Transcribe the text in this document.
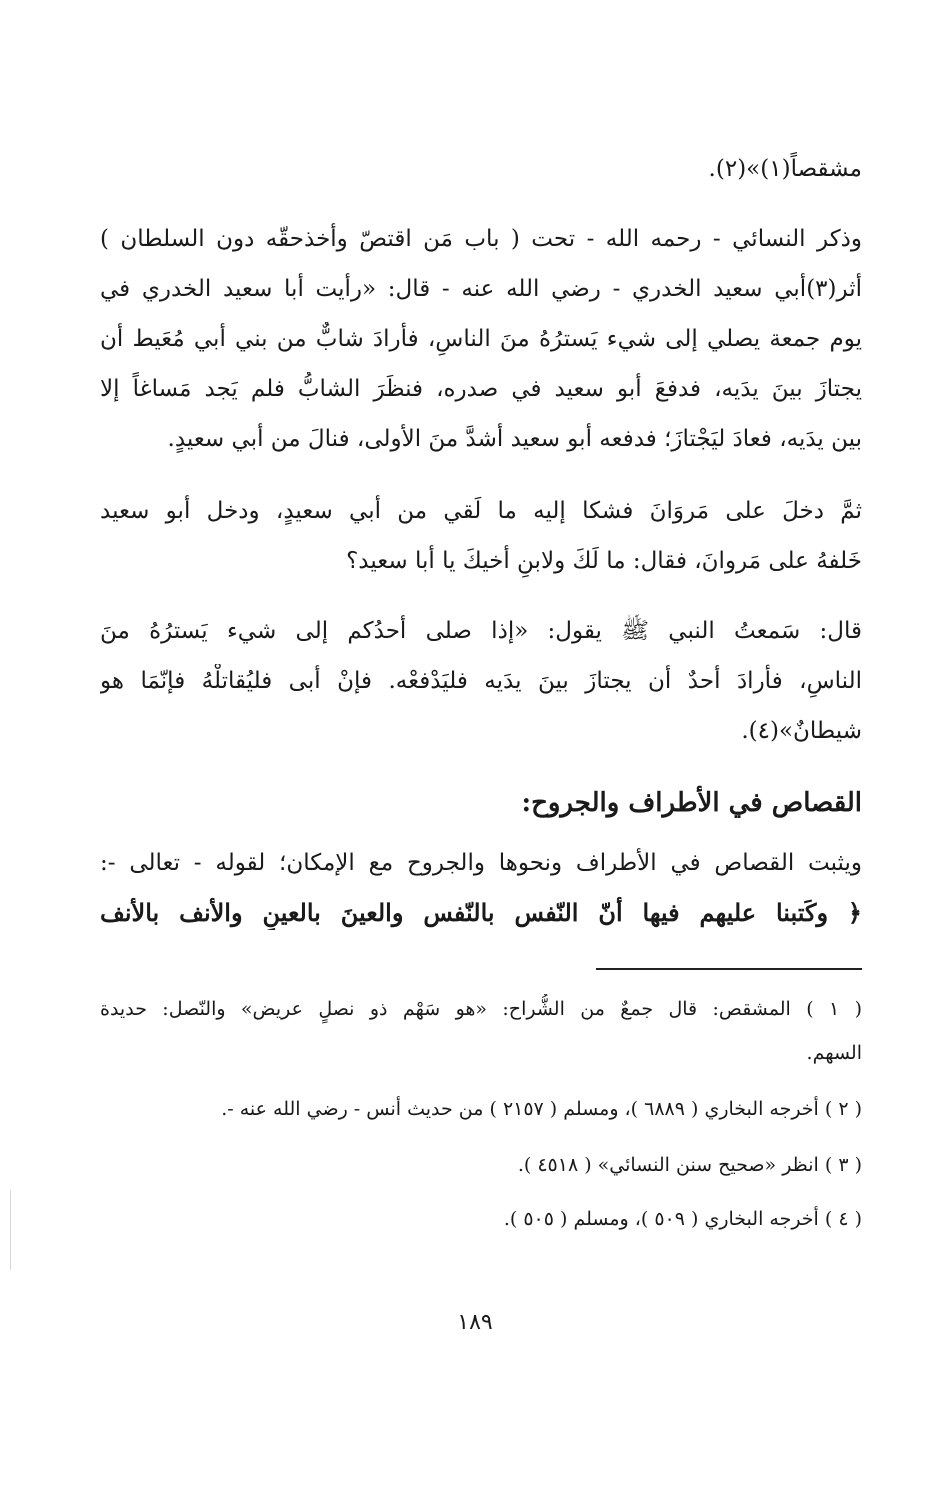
مشقصاً(١)»(٢).
وذكر النسائي - رحمه الله - تحت ( باب مَن اقتصّ وأخذحقّه دون السلطان )
أثر(٣)أبي سعيد الخدري - رضي الله عنه - قال: «رأيت أبا سعيد الخدري في
يوم جمعة يصلي إلى شيء يَسترُهُ منَ الناسِ، فأرادَ شابٌّ من بني أبي مُعَيط أن
يجتازَ بينَ يدَيه، فدفعَ أبو سعيد في صدره، فنظَرَ الشابُّ فلم يَجد مَساغاً إلا
بين يدَيه، فعادَ ليَجْتازَ؛ فدفعه أبو سعيد أشدَّ منَ الأولى، فنالَ من أبي سعيدٍ.
ثمَّ دخلَ على مَروَانَ فشكا إليه ما لَقي من أبي سعيدٍ، ودخل أبو سعيد
خَلفهُ على مَروانَ، فقال: ما لَكَ ولابنِ أخيكَ يا أبا سعيد؟
قال: سَمعتُ النبي ﷺ يقول: «إذا صلى أحدُكم إلى شيء يَسترُهُ منَ
الناسِ، فأرادَ أحدٌ أن يجتازَ بينَ يدَيه فليَدْفعْه. فإنْ أبى فليُقاتلْهُ فإنّمَا هو
شيطانٌ»(٤).
القصاص في الأطراف والجروح:
ويثبت القصاص في الأطراف ونحوها والجروح مع الإمكان؛ لقوله - تعالى -:
﴿ وكَتبنا عليهم فيها أنّ النّفس بالنّفس والعينَ بالعينِ والأنف بالأنف
( ١ ) المشقص: قال جمعٌ من الشُّراح: «هو سَهْم ذو نصلٍ عريض» والنّصل: حديدة
السهم.
( ٢ ) أخرجه البخاري ( ٦٨٨٩ )، ومسلم ( ٢١٥٧ ) من حديث أنس - رضي الله عنه -.
( ٣ ) انظر «صحيح سنن النسائي» ( ٤٥١٨ ).
( ٤ ) أخرجه البخاري ( ٥٠٩ )، ومسلم ( ٥٠٥ ).
١٨٩
